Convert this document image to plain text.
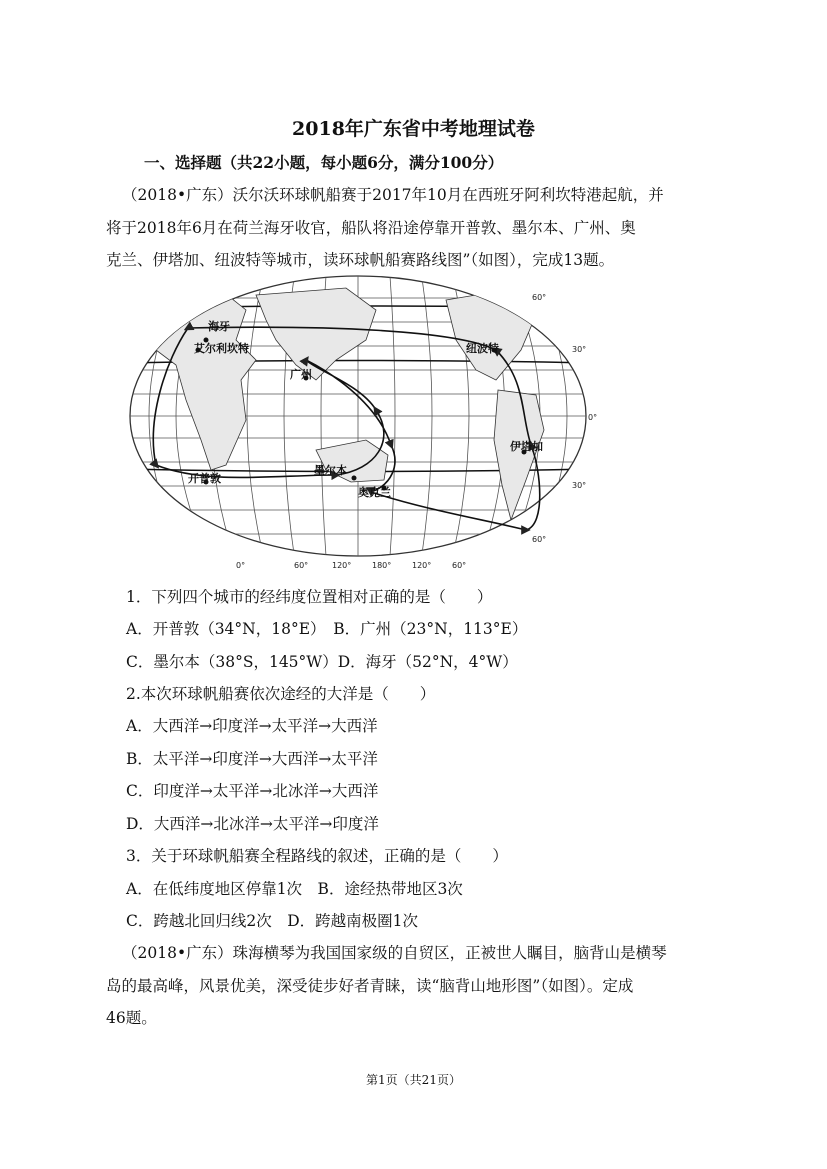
2018年广东省中考地理试卷
一、选择题（共22小题，每小题6分，满分100分）
（2018•广东）沃尔沃环球帆船赛于2017年10月在西班牙阿利坎特港起航，并
将于2018年6月在荷兰海牙收官，船队将沿途停靠开普敦、墨尔本、广州、奥
克兰、伊塔加、纽波特等城市，读环球帆船赛路线图”（如图），完成1󠄀3题。
海牙
艾尔利坎特
广州
纽波特
开普敦
墨尔本
奥克兰
伊塔加
60°
30°
0°
30°
60°
0°	60°	120°	180°	120°	60°
1．下列四个城市的经纬度位置相对正确的是（　　）
A．开普敦（34°N，18°E）　B．广州（23°N，113°E）
C．墨尔本（38°S，145°W）D．海牙（52°N，4°W）
2.本次环球帆船赛依次途经的大洋是（　　）
A．大西洋→印度洋→太平洋→大西洋
B．太平洋→印度洋→大西洋→太平洋
C．印度洋→太平洋→北冰洋→大西洋
D．大西洋→北冰洋→太平洋→印度洋
3．关于环球帆船赛全程路线的叙述，正确的是（　　）
A．在低纬度地区停靠1次　B．途经热带地区3次
C．跨越北回归线2次　D．跨越南极圈1次
（2018•广东）珠海横琴为我国国家级的自贸区，正被世人瞩目，脑背山是横琴
岛的最高峰，风景优美，深受徒步好者青睐，读“脑背山地形图”（如图）。定成
4󠄀6题。
第1页（共21页）
